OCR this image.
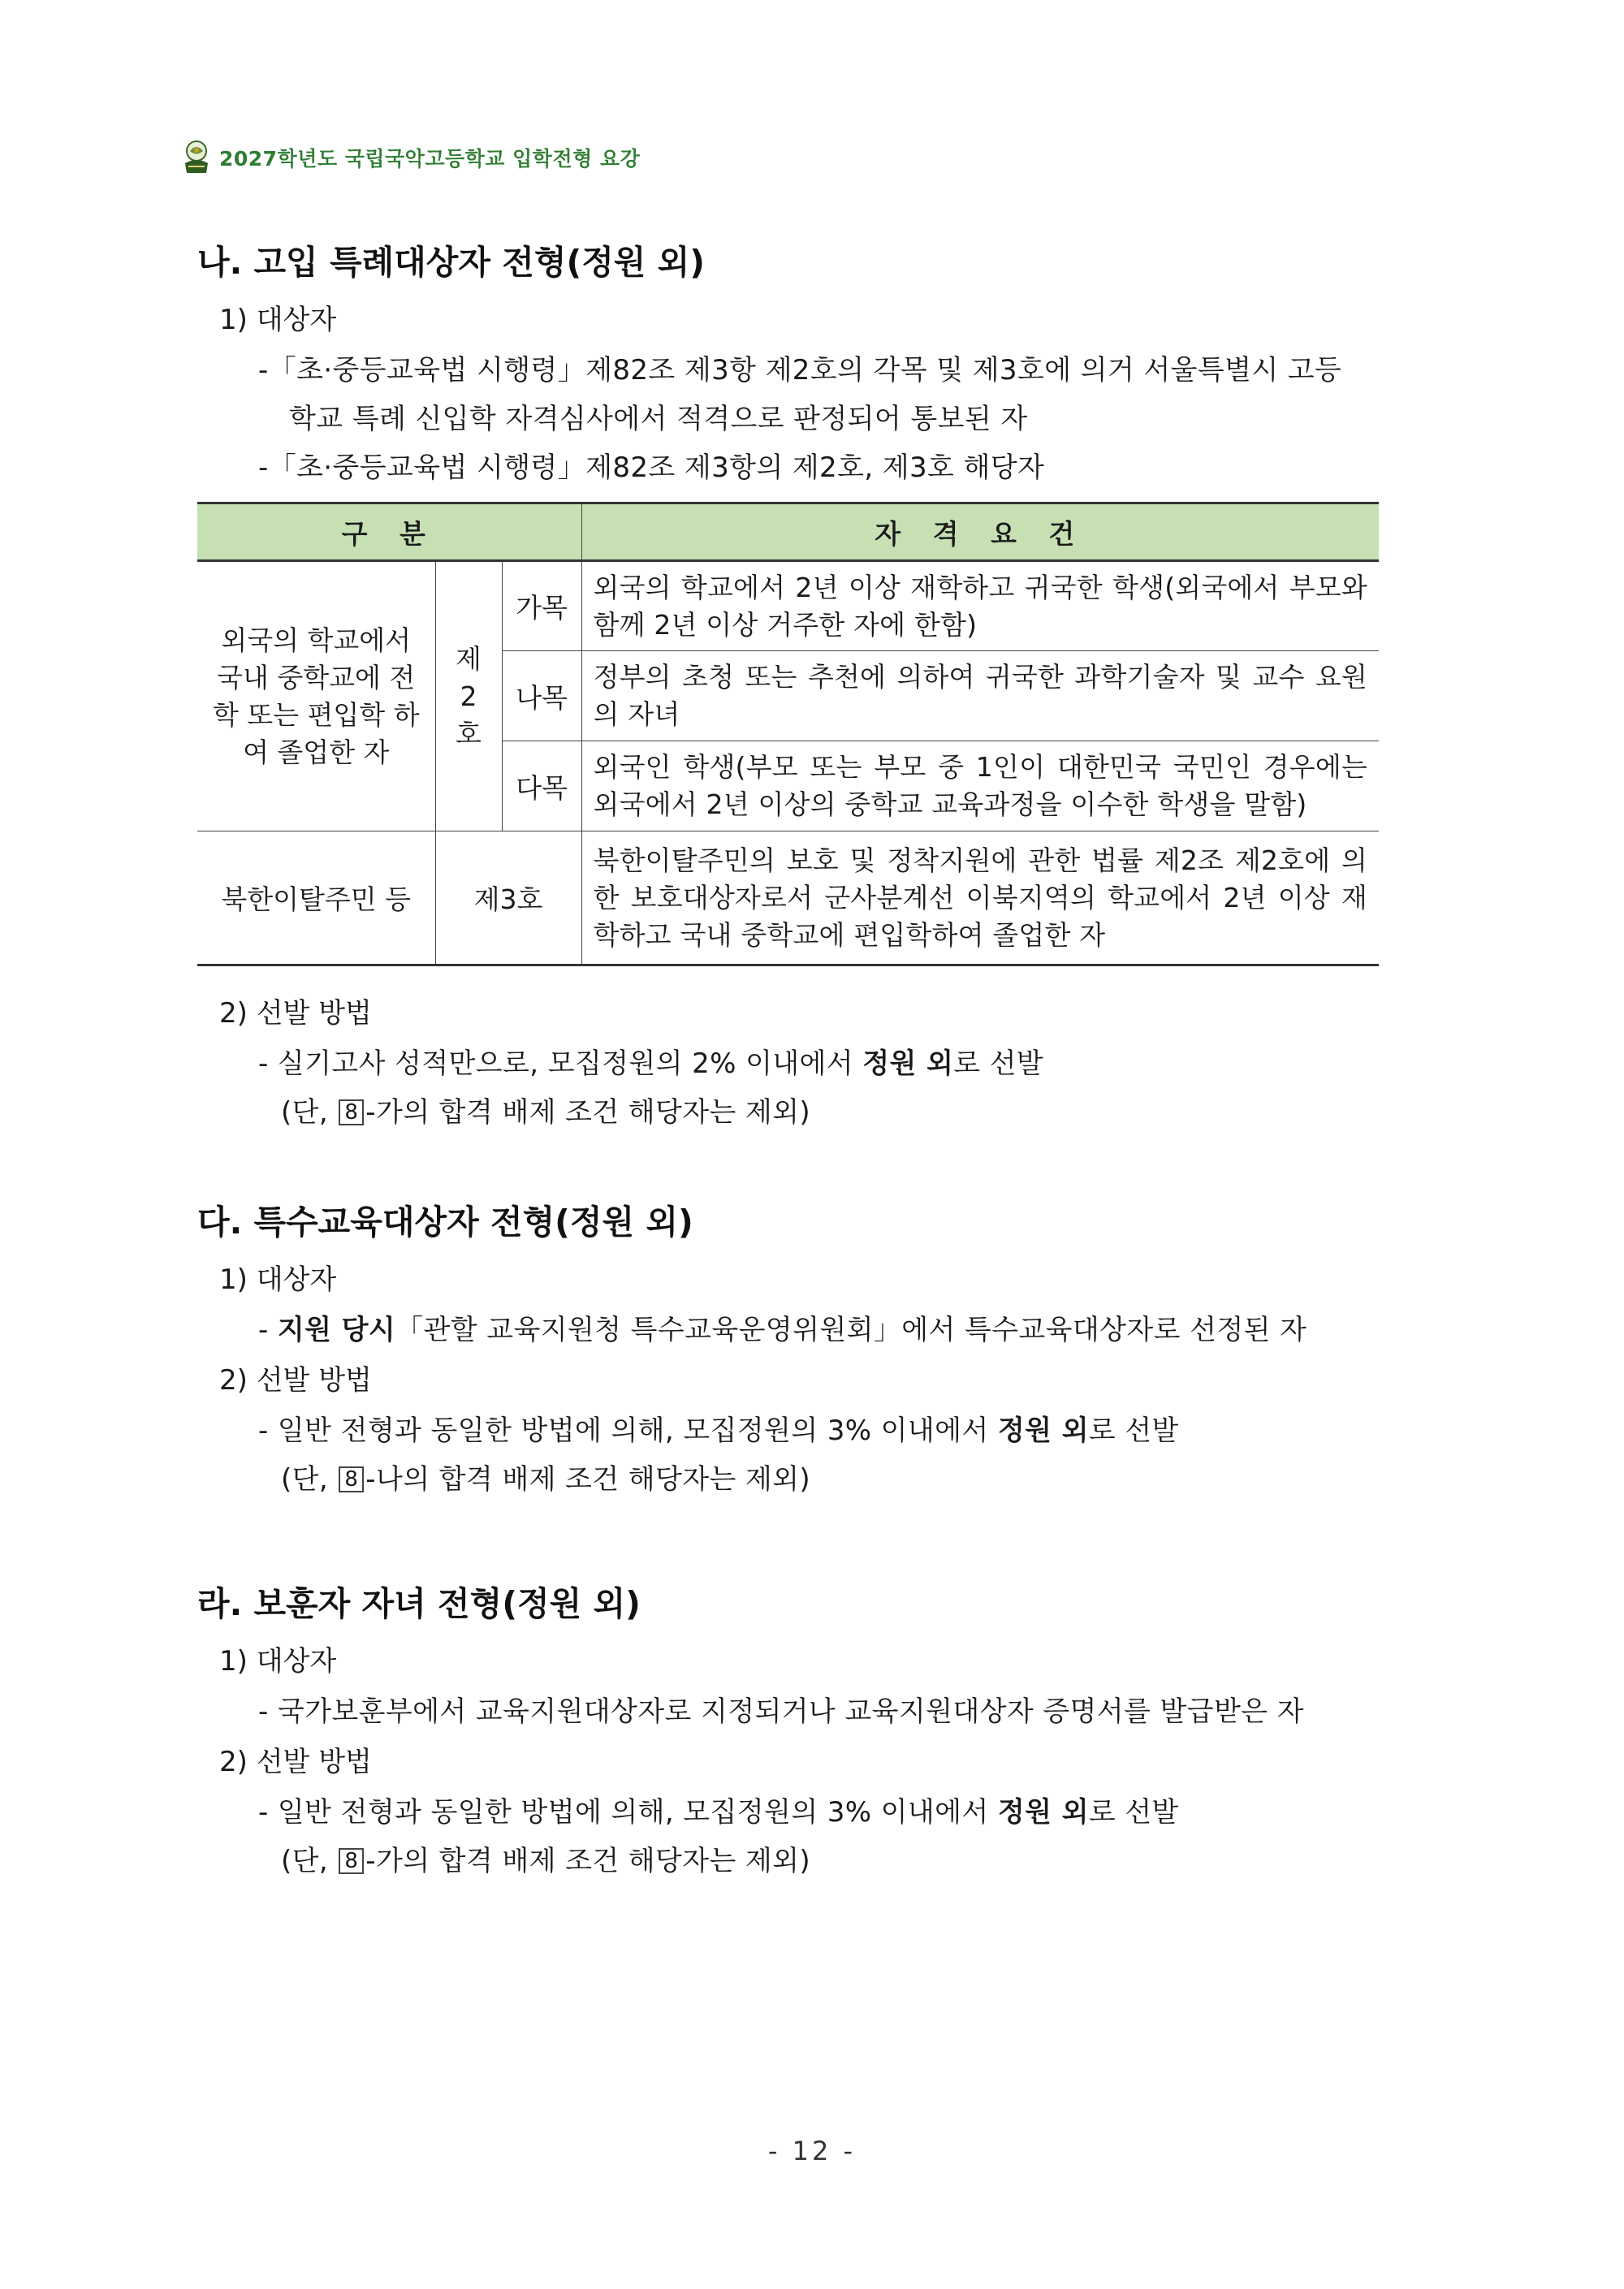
2027학년도 국립국악고등학교 입학전형 요강
나. 고입 특례대상자 전형(정원 외)
1) 대상자
-「초·중등교육법 시행령」제82조 제3항 제2호의 각목 및 제3호에 의거 서울특별시 고등
학교 특례 신입학 자격심사에서 적격으로 판정되어 통보된 자
-「초·중등교육법 시행령」제82조 제3항의 제2호, 제3호 해당자
구 분			자 격 요 건
외국의 학교에서 국내 중학교에 전학 또는 편입학 하여 졸업한 자	제 2 호	가목	외국의 학교에서 2년 이상 재학하고 귀국한 학생(외국에서 부모와 함께 2년 이상 거주한 자에 한함)
		나목	정부의 초청 또는 추천에 의하여 귀국한 과학기술자 및 교수 요원의 자녀
		다목	외국인 학생(부모 또는 부모 중 1인이 대한민국 국민인 경우에는 외국에서 2년 이상의 중학교 교육과정을 이수한 학생을 말함)
북한이탈주민 등	제3호		북한이탈주민의 보호 및 정착지원에 관한 법률 제2조 제2호에 의한 보호대상자로서 군사분계선 이북지역의 학교에서 2년 이상 재학하고 국내 중학교에 편입학하여 졸업한 자
2) 선발 방법
- 실기고사 성적만으로, 모집정원의 2% 이내에서 정원 외로 선발
(단, 8 -가의 합격 배제 조건 해당자는 제외)
다. 특수교육대상자 전형(정원 외)
1) 대상자
- 지원 당시「관할 교육지원청 특수교육운영위원회」에서 특수교육대상자로 선정된 자
2) 선발 방법
- 일반 전형과 동일한 방법에 의해, 모집정원의 3% 이내에서 정원 외로 선발
(단, 8 -나의 합격 배제 조건 해당자는 제외)
라. 보훈자 자녀 전형(정원 외)
1) 대상자
- 국가보훈부에서 교육지원대상자로 지정되거나 교육지원대상자 증명서를 발급받은 자
2) 선발 방법
- 일반 전형과 동일한 방법에 의해, 모집정원의 3% 이내에서 정원 외로 선발
(단, 8 -가의 합격 배제 조건 해당자는 제외)
- 12 -
